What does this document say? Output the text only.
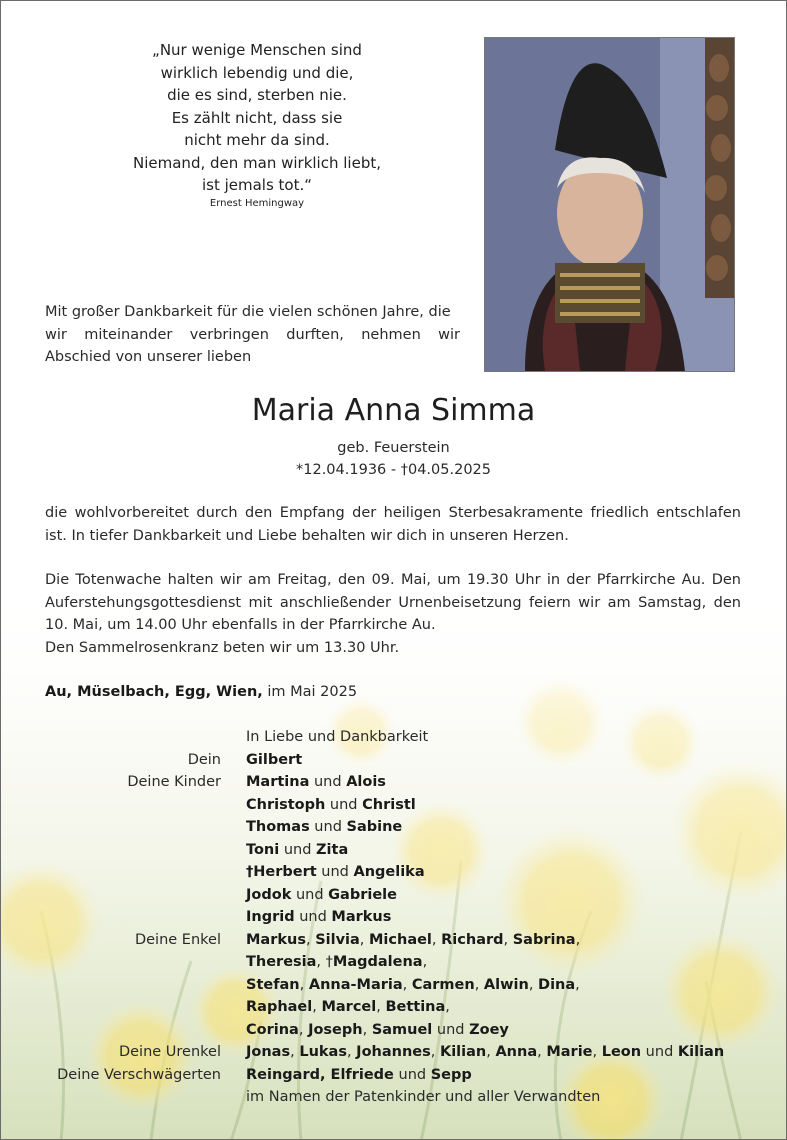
„Nur wenige Menschen sind
wirklich lebendig und die,
die es sind, sterben nie.
Es zählt nicht, dass sie
nicht mehr da sind.
Niemand, den man wirklich liebt,
ist jemals tot.“
Ernest Hemingway
Mit großer Dankbarkeit für die vielen schönen Jahre, die
wir miteinander verbringen durften, nehmen wir
Abschied von unserer lieben
Maria Anna Simma
geb. Feuerstein
*12.04.1936 - †04.05.2025
die wohlvorbereitet durch den Empfang der heiligen Sterbesakramente friedlich entschlafen
ist. In tiefer Dankbarkeit und Liebe behalten wir dich in unseren Herzen.
Die Totenwache halten wir am Freitag, den 09. Mai, um 19.30 Uhr in der Pfarrkirche Au. Den
Auferstehungsgottesdienst mit anschließender Urnenbeisetzung feiern wir am Samstag, den
10. Mai, um 14.00 Uhr ebenfalls in der Pfarrkirche Au.
Den Sammelrosenkranz beten wir um 13.30 Uhr.
Au, Müselbach, Egg, Wien, im Mai 2025
In Liebe und Dankbarkeit
Dein Gilbert
Deine Kinder Martina und Alois
Christoph und Christl
Thomas und Sabine
Toni und Zita
†Herbert und Angelika
Jodok und Gabriele
Ingrid und Markus
Deine Enkel Markus, Silvia, Michael, Richard, Sabrina,
Theresia, †Magdalena,
Stefan, Anna-Maria, Carmen, Alwin, Dina,
Raphael, Marcel, Bettina,
Corina, Joseph, Samuel und Zoey
Deine Urenkel Jonas, Lukas, Johannes, Kilian, Anna, Marie, Leon und Kilian
Deine Verschwägerten Reingard, Elfriede und Sepp
im Namen der Patenkinder und aller Verwandten
